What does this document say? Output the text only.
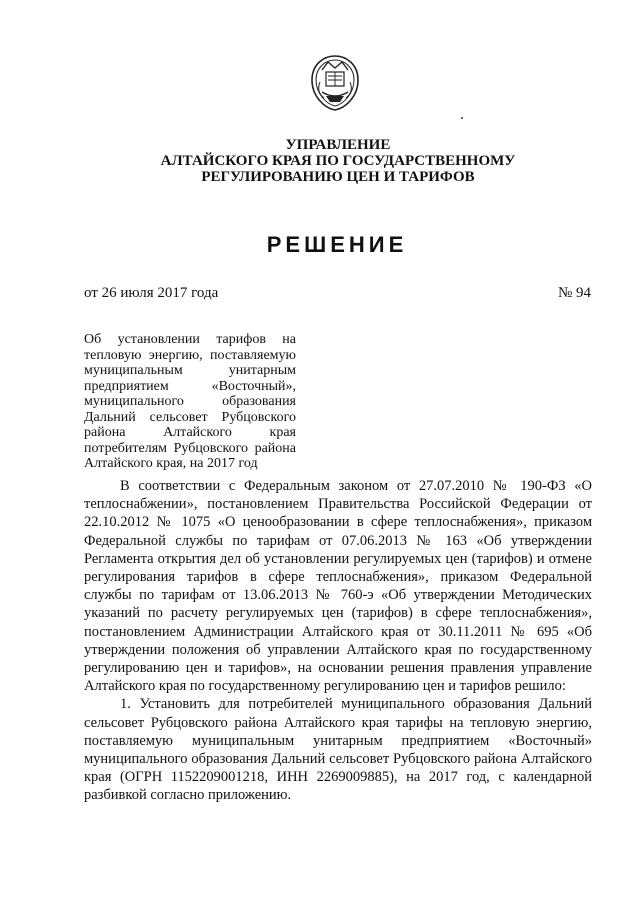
УПРАВЛЕНИЕ
АЛТАЙСКОГО КРАЯ ПО ГОСУДАРСТВЕННОМУ
РЕГУЛИРОВАНИЮ ЦЕН И ТАРИФОВ
РЕШЕНИЕ
от 26 июля 2017 года	№ 94
Об установлении тарифов на тепловую энергию, поставляемую муниципальным унитарным предприятием «Восточный», муниципального образования Дальний сельсовет Рубцовского района Алтайского края потребителям Рубцовского района Алтайского края, на 2017 год

В соответствии с Федеральным законом от 27.07.2010 № 190-ФЗ «О теплоснабжении», постановлением Правительства Российской Федерации от 22.10.2012 № 1075 «О ценообразовании в сфере теплоснабжения», приказом Федеральной службы по тарифам от 07.06.2013 № 163 «Об утверждении Регламента открытия дел об установлении регулируемых цен (тарифов) и отмене регулирования тарифов в сфере теплоснабжения», приказом Федеральной службы по тарифам от 13.06.2013 № 760-э «Об утверждении Методических указаний по расчету регулируемых цен (тарифов) в сфере теплоснабжения», постановлением Администрации Алтайского края от 30.11.2011 № 695 «Об утверждении положения об управлении Алтайского края по государственному регулированию цен и тарифов», на основании решения правления управление Алтайского края по государственному регулированию цен и тарифов решило:

1. Установить для потребителей муниципального образования Дальний сельсовет Рубцовского района Алтайского края тарифы на тепловую энергию, поставляемую муниципальным унитарным предприятием «Восточный» муниципального образования Дальний сельсовет Рубцовского района Алтайского края (ОГРН 1152209001218, ИНН 2269009885), на 2017 год, с календарной разбивкой согласно приложению.
